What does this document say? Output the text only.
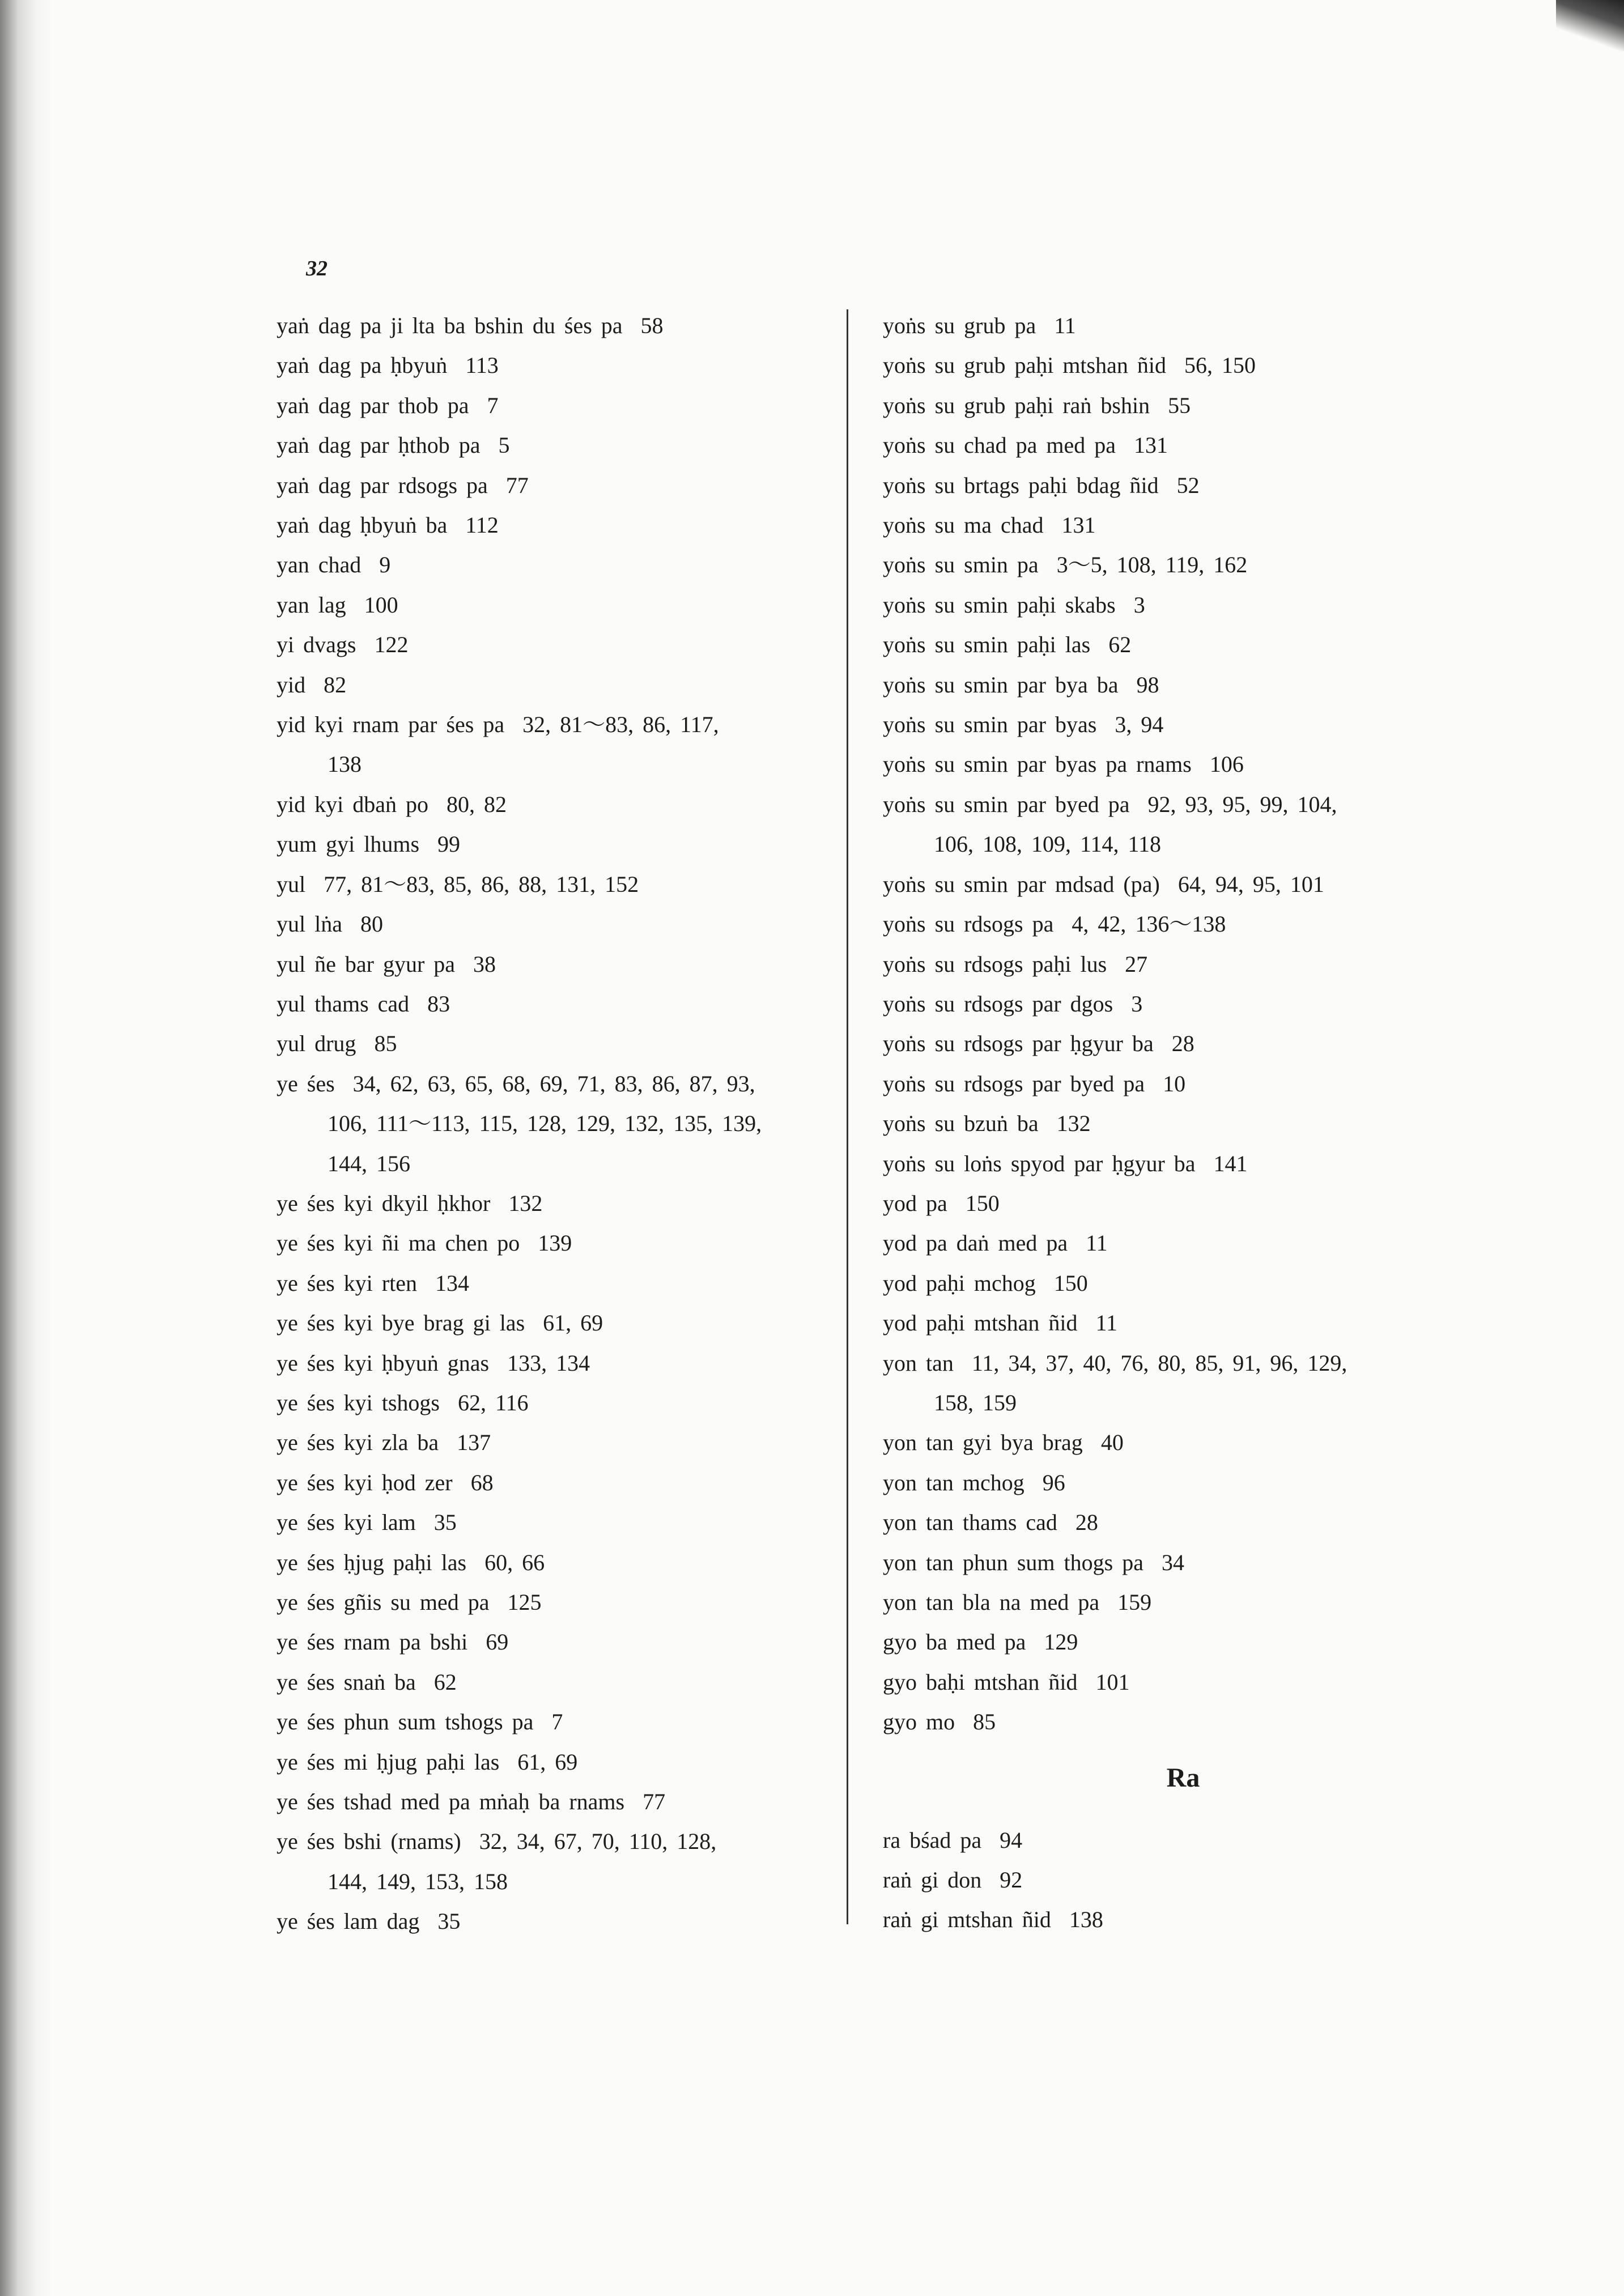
32

yaṅ dag pa ji lta ba bshin du śes pa 58
yaṅ dag pa ḥbyuṅ 113
yaṅ dag par thob pa 7
yaṅ dag par ḥthob pa 5
yaṅ dag par rdsogs pa 77
yaṅ dag ḥbyuṅ ba 112
yan chad 9
yan lag 100
yi dvags 122
yid 82
yid kyi rnam par śes pa 32, 81〜83, 86, 117,
138
yid kyi dbaṅ po 80, 82
yum gyi lhums 99
yul 77, 81〜83, 85, 86, 88, 131, 152
yul lṅa 80
yul ñe bar gyur pa 38
yul thams cad 83
yul drug 85
ye śes 34, 62, 63, 65, 68, 69, 71, 83, 86, 87, 93,
106, 111〜113, 115, 128, 129, 132, 135, 139,
144, 156
ye śes kyi dkyil ḥkhor 132
ye śes kyi ñi ma chen po 139
ye śes kyi rten 134
ye śes kyi bye brag gi las 61, 69
ye śes kyi ḥbyuṅ gnas 133, 134
ye śes kyi tshogs 62, 116
ye śes kyi zla ba 137
ye śes kyi ḥod zer 68
ye śes kyi lam 35
ye śes ḥjug paḥi las 60, 66
ye śes gñis su med pa 125
ye śes rnam pa bshi 69
ye śes snaṅ ba 62
ye śes phun sum tshogs pa 7
ye śes mi ḥjug paḥi las 61, 69
ye śes tshad med pa mṅaḥ ba rnams 77
ye śes bshi (rnams) 32, 34, 67, 70, 110, 128,
144, 149, 153, 158
ye śes lam dag 35
yoṅs su grub pa 11
yoṅs su grub paḥi mtshan ñid 56, 150
yoṅs su grub paḥi raṅ bshin 55
yoṅs su chad pa med pa 131
yoṅs su brtags paḥi bdag ñid 52
yoṅs su ma chad 131
yoṅs su smin pa 3〜5, 108, 119, 162
yoṅs su smin paḥi skabs 3
yoṅs su smin paḥi las 62
yoṅs su smin par bya ba 98
yoṅs su smin par byas 3, 94
yoṅs su smin par byas pa rnams 106
yoṅs su smin par byed pa 92, 93, 95, 99, 104,
106, 108, 109, 114, 118
yoṅs su smin par mdsad (pa) 64, 94, 95, 101
yoṅs su rdsogs pa 4, 42, 136〜138
yoṅs su rdsogs paḥi lus 27
yoṅs su rdsogs par dgos 3
yoṅs su rdsogs par ḥgyur ba 28
yoṅs su rdsogs par byed pa 10
yoṅs su bzuṅ ba 132
yoṅs su loṅs spyod par ḥgyur ba 141
yod pa 150
yod pa daṅ med pa 11
yod paḥi mchog 150
yod paḥi mtshan ñid 11
yon tan 11, 34, 37, 40, 76, 80, 85, 91, 96, 129,
158, 159
yon tan gyi bya brag 40
yon tan mchog 96
yon tan thams cad 28
yon tan phun sum thogs pa 34
yon tan bla na med pa 159
gyo ba med pa 129
gyo baḥi mtshan ñid 101
gyo mo 85
Ra
ra bśad pa 94
raṅ gi don 92
raṅ gi mtshan ñid 138
